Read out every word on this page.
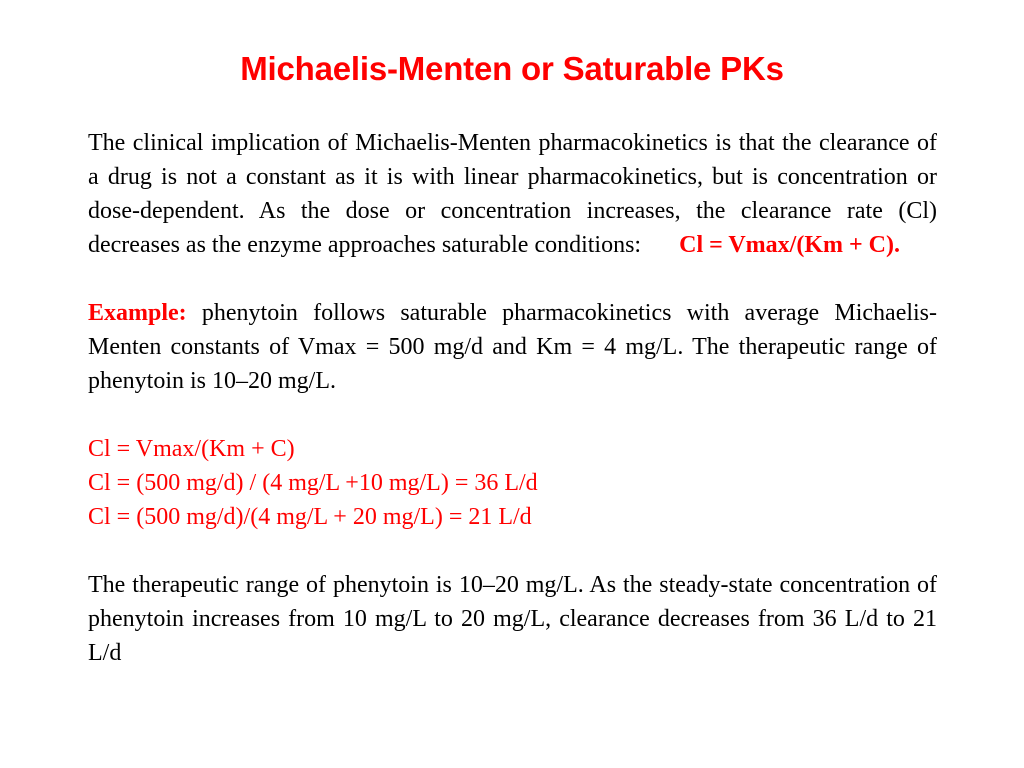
Michaelis-Menten or Saturable PKs

The clinical implication of Michaelis-Menten pharmacokinetics is that the clearance of a drug is not a constant as it is with linear pharmacokinetics, but is concentration or dose-dependent. As the dose or concentration increases, the clearance rate (Cl) decreases as the enzyme approaches saturable conditions: Cl = Vmax/(Km + C).

Example: phenytoin follows saturable pharmacokinetics with average Michaelis-Menten constants of Vmax = 500 mg/d and Km = 4 mg/L. The therapeutic range of phenytoin is 10–20 mg/L.

Cl = Vmax/(Km + C)

Cl = (500 mg/d) / (4 mg/L +10 mg/L) = 36 L/d

Cl = (500 mg/d)/(4 mg/L + 20 mg/L) = 21 L/d

The therapeutic range of phenytoin is 10–20 mg/L. As the steady-state concentration of phenytoin increases from 10 mg/L to 20 mg/L, clearance decreases from 36 L/d to 21 L/d
